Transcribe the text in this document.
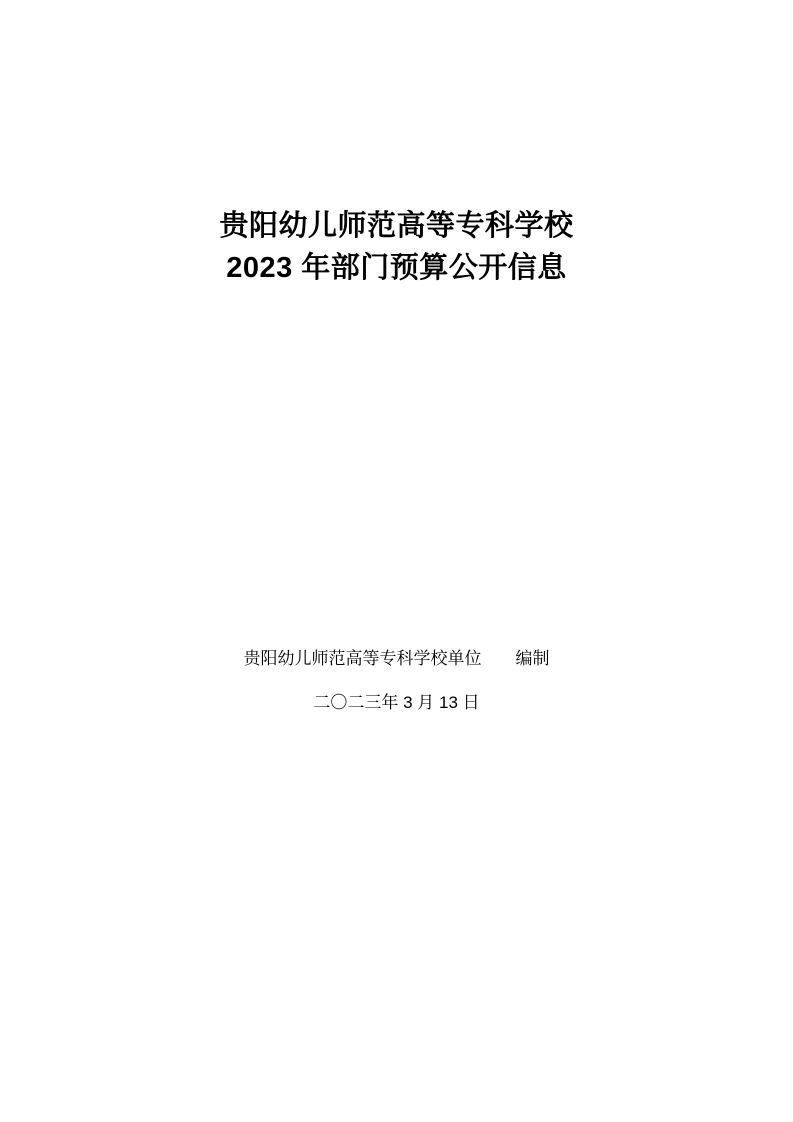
贵阳幼儿师范高等专科学校
2023 年部门预算公开信息
贵阳幼儿师范高等专科学校单位　　编制
二〇二三年 3 月 13 日
